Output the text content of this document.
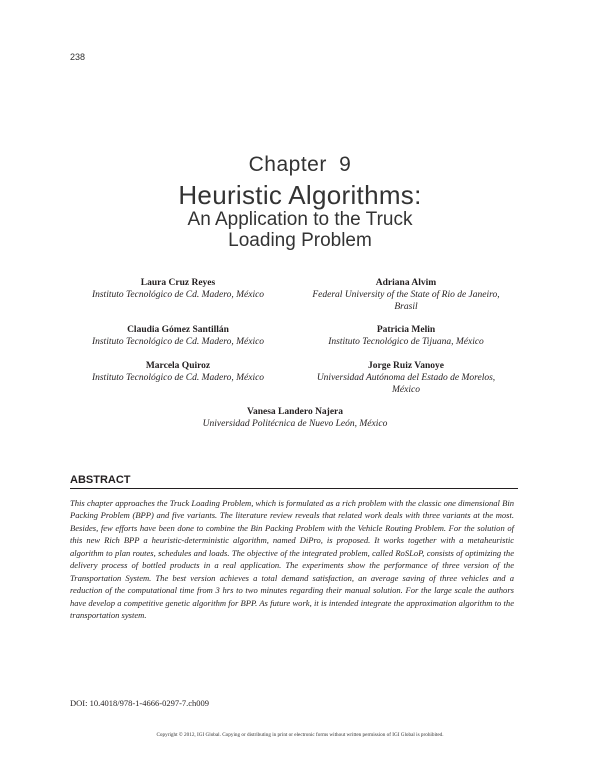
238
Chapter 9
Heuristic Algorithms:
An Application to the Truck
Loading Problem
Laura Cruz Reyes
Instituto Tecnológico de Cd. Madero, México
Claudia Gómez Santillán
Instituto Tecnológico de Cd. Madero, México
Marcela Quiroz
Instituto Tecnológico de Cd. Madero, México
Adriana Alvim
Federal University of the State of Rio de Janeiro,
Brasil
Patricia Melin
Instituto Tecnológico de Tijuana, México
Jorge Ruiz Vanoye
Universidad Autónoma del Estado de Morelos,
México
Vanesa Landero Najera
Universidad Politécnica de Nuevo León, México
ABSTRACT
This chapter approaches the Truck Loading Problem, which is formulated as a rich problem with the classic one dimensional Bin Packing Problem (BPP) and five variants. The literature review reveals that related work deals with three variants at the most. Besides, few efforts have been done to combine the Bin Packing Problem with the Vehicle Routing Problem. For the solution of this new Rich BPP a heuristic-deterministic algorithm, named DiPro, is proposed. It works together with a metaheuristic algorithm to plan routes, schedules and loads. The objective of the integrated problem, called RoSLoP, consists of optimizing the delivery process of bottled products in a real application. The experiments show the performance of three version of the Transportation System. The best version achieves a total demand satisfaction, an average saving of three vehicles and a reduction of the computational time from 3 hrs to two minutes regarding their manual solution. For the large scale the authors have develop a competitive genetic algorithm for BPP. As future work, it is intended integrate the approximation algorithm to the transportation system.
DOI: 10.4018/978-1-4666-0297-7.ch009
Copyright © 2012, IGI Global. Copying or distributing in print or electronic forms without written permission of IGI Global is prohibited.
